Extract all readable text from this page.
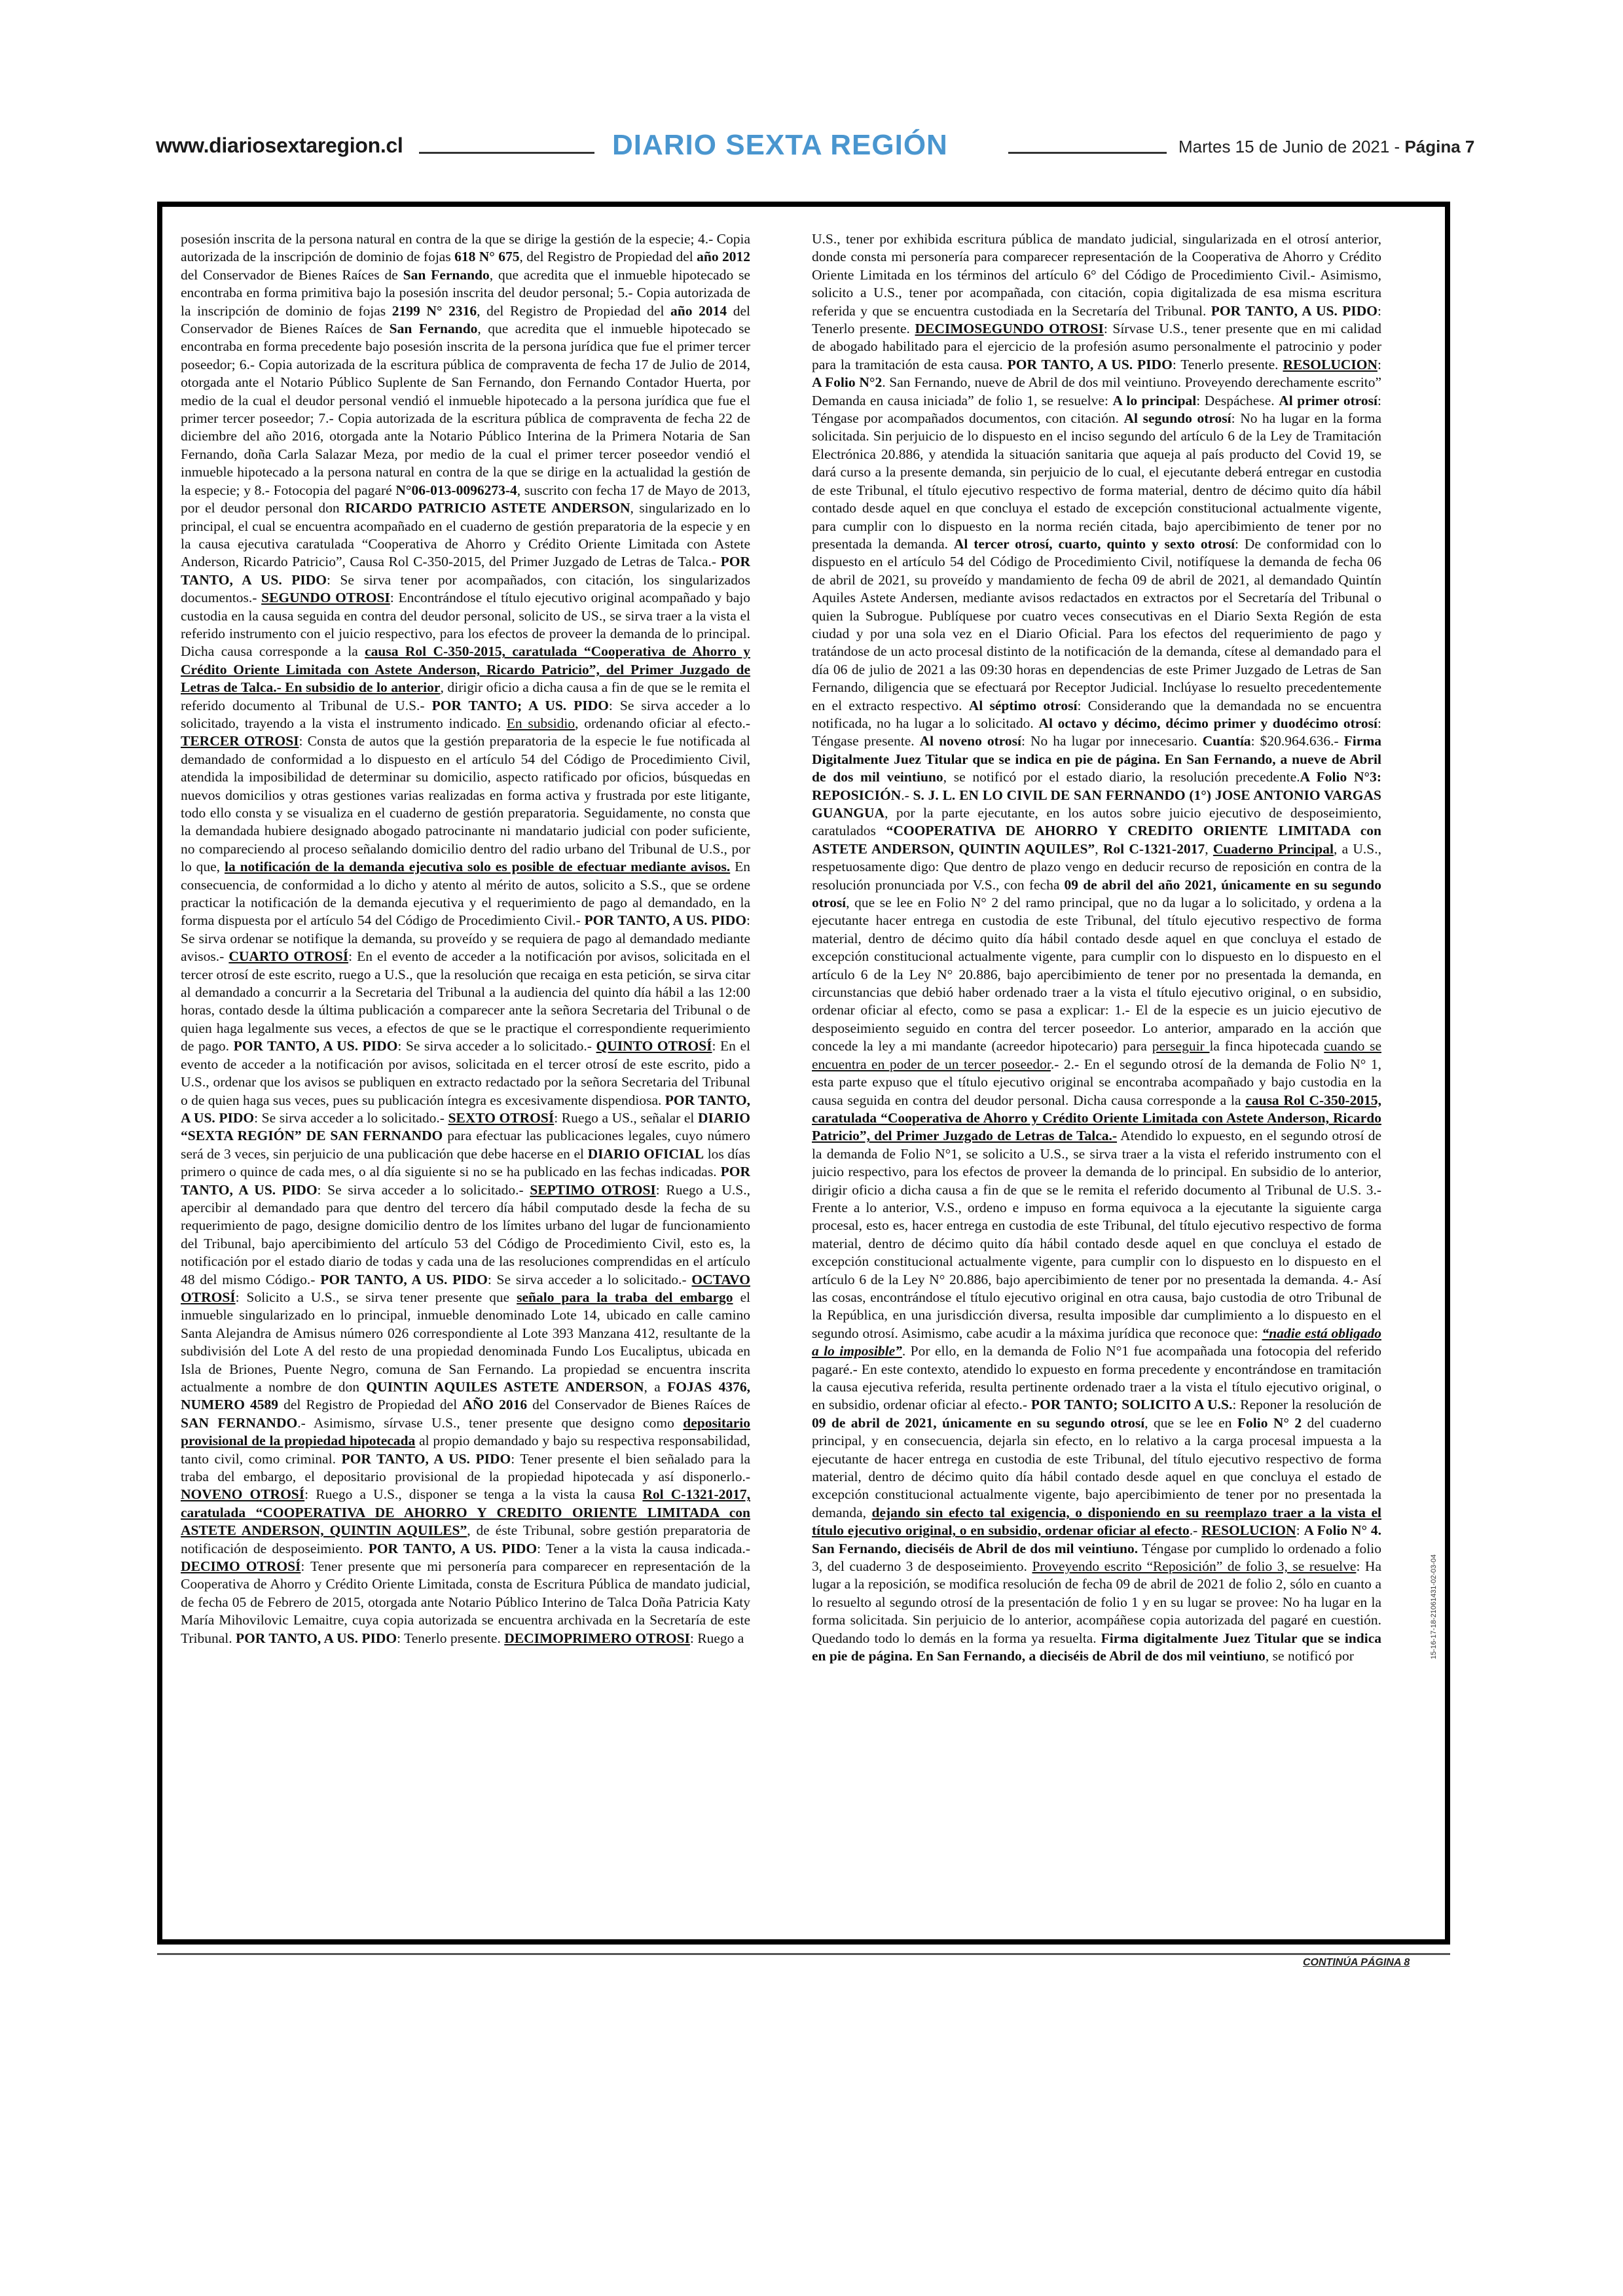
www.diariosextaregion.cl	DIARIO SEXTA REGIÓN	Martes 15 de Junio de 2021 - Página 7

posesión inscrita de la persona natural en contra de la que se dirige la gestión de la especie; 4.- Copia autorizada de la inscripción de dominio de fojas 618 N° 675, del Registro de Propiedad del año 2012 del Conservador de Bienes Raíces de San Fernando, que acredita que el inmueble hipotecado se encontraba en forma primitiva bajo la posesión inscrita del deudor personal; 5.- Copia autorizada de la inscripción de dominio de fojas 2199 N° 2316, del Registro de Propiedad del año 2014 del Conservador de Bienes Raíces de San Fernando, que acredita que el inmueble hipotecado se encontraba en forma precedente bajo posesión inscrita de la persona jurídica que fue el primer tercer poseedor; 6.- Copia autorizada de la escritura pública de compraventa de fecha 17 de Julio de 2014, otorgada ante el Notario Público Suplente de San Fernando, don Fernando Contador Huerta, por medio de la cual el deudor personal vendió el inmueble hipotecado a la persona jurídica que fue el primer tercer poseedor; 7.- Copia autorizada de la escritura pública de compraventa de fecha 22 de diciembre del año 2016, otorgada ante la Notario Público Interina de la Primera Notaria de San Fernando, doña Carla Salazar Meza, por medio de la cual el primer tercer poseedor vendió el inmueble hipotecado a la persona natural en contra de la que se dirige en la actualidad la gestión de la especie; y 8.- Fotocopia del pagaré N°06-013-0096273-4, suscrito con fecha 17 de Mayo de 2013, por el deudor personal don RICARDO PATRICIO ASTETE ANDERSON, singularizado en lo principal, el cual se encuentra acompañado en el cuaderno de gestión preparatoria de la especie y en la causa ejecutiva caratulada “Cooperativa de Ahorro y Crédito Oriente Limitada con Astete Anderson, Ricardo Patricio”, Causa Rol C-350-2015, del Primer Juzgado de Letras de Talca.- POR TANTO, A US. PIDO: Se sirva tener por acompañados, con citación, los singularizados documentos.- SEGUNDO OTROSI: Encontrándose el título ejecutivo original acompañado y bajo custodia en la causa seguida en contra del deudor personal, solicito de US., se sirva traer a la vista el referido instrumento con el juicio respectivo, para los efectos de proveer la demanda de lo principal. Dicha causa corresponde a la causa Rol C-350-2015, caratulada “Cooperativa de Ahorro y Crédito Oriente Limitada con Astete Anderson, Ricardo Patricio”, del Primer Juzgado de Letras de Talca.- En subsidio de lo anterior, dirigir oficio a dicha causa a fin de que se le remita el referido documento al Tribunal de U.S.- POR TANTO; A US. PIDO: Se sirva acceder a lo solicitado, trayendo a la vista el instrumento indicado. En subsidio, ordenando oficiar al efecto.- TERCER OTROSI: Consta de autos que la gestión preparatoria de la especie le fue notificada al demandado de conformidad a lo dispuesto en el artículo 54 del Código de Procedimiento Civil, atendida la imposibilidad de determinar su domicilio, aspecto ratificado por oficios, búsquedas en nuevos domicilios y otras gestiones varias realizadas en forma activa y frustrada por este litigante, todo ello consta y se visualiza en el cuaderno de gestión preparatoria. Seguidamente, no consta que la demandada hubiere designado abogado patrocinante ni mandatario judicial con poder suficiente, no compareciendo al proceso señalando domicilio dentro del radio urbano del Tribunal de U.S., por lo que, la notificación de la demanda ejecutiva solo es posible de efectuar mediante avisos. En consecuencia, de conformidad a lo dicho y atento al mérito de autos, solicito a S.S., que se ordene practicar la notificación de la demanda ejecutiva y el requerimiento de pago al demandado, en la forma dispuesta por el artículo 54 del Código de Procedimiento Civil.- POR TANTO, A US. PIDO: Se sirva ordenar se notifique la demanda, su proveído y se requiera de pago al demandado mediante avisos.- CUARTO OTROSÍ: En el evento de acceder a la notificación por avisos, solicitada en el tercer otrosí de este escrito, ruego a U.S., que la resolución que recaiga en esta petición, se sirva citar al demandado a concurrir a la Secretaria del Tribunal a la audiencia del quinto día hábil a las 12:00 horas, contado desde la última publicación a comparecer ante la señora Secretaria del Tribunal o de quien haga legalmente sus veces, a efectos de que se le practique el correspondiente requerimiento de pago. POR TANTO, A US. PIDO: Se sirva acceder a lo solicitado.- QUINTO OTROSÍ: En el evento de acceder a la notificación por avisos, solicitada en el tercer otrosí de este escrito, pido a U.S., ordenar que los avisos se publiquen en extracto redactado por la señora Secretaria del Tribunal o de quien haga sus veces, pues su publicación íntegra es excesivamente dispendiosa. POR TANTO, A US. PIDO: Se sirva acceder a lo solicitado.- SEXTO OTROSÍ: Ruego a US., señalar el DIARIO “SEXTA REGIÓN” DE SAN FERNANDO para efectuar las publicaciones legales, cuyo número será de 3 veces, sin perjuicio de una publicación que debe hacerse en el DIARIO OFICIAL los días primero o quince de cada mes, o al día siguiente si no se ha publicado en las fechas indicadas. POR TANTO, A US. PIDO: Se sirva acceder a lo solicitado.- SEPTIMO OTROSI: Ruego a U.S., apercibir al demandado para que dentro del tercero día hábil computado desde la fecha de su requerimiento de pago, designe domicilio dentro de los límites urbano del lugar de funcionamiento del Tribunal, bajo apercibimiento del artículo 53 del Código de Procedimiento Civil, esto es, la notificación por el estado diario de todas y cada una de las resoluciones comprendidas en el artículo 48 del mismo Código.- POR TANTO, A US. PIDO: Se sirva acceder a lo solicitado.- OCTAVO OTROSÍ: Solicito a U.S., se sirva tener presente que señalo para la traba del embargo el inmueble singularizado en lo principal, inmueble denominado Lote 14, ubicado en calle camino Santa Alejandra de Amisus número 026 correspondiente al Lote 393 Manzana 412, resultante de la subdivisión del Lote A del resto de una propiedad denominada Fundo Los Eucaliptus, ubicada en Isla de Briones, Puente Negro, comuna de San Fernando. La propiedad se encuentra inscrita actualmente a nombre de don QUINTIN AQUILES ASTETE ANDERSON, a FOJAS 4376, NUMERO 4589 del Registro de Propiedad del AÑO 2016 del Conservador de Bienes Raíces de SAN FERNANDO.- Asimismo, sírvase U.S., tener presente que designo como depositario provisional de la propiedad hipotecada al propio demandado y bajo su respectiva responsabilidad, tanto civil, como criminal. POR TANTO, A US. PIDO: Tener presente el bien señalado para la traba del embargo, el depositario provisional de la propiedad hipotecada y así disponerlo.- NOVENO OTROSÍ: Ruego a U.S., disponer se tenga a la vista la causa Rol C-1321-2017, caratulada “COOPERATIVA DE AHORRO Y CREDITO ORIENTE LIMITADA con ASTETE ANDERSON, QUINTIN AQUILES”, de éste Tribunal, sobre gestión preparatoria de notificación de desposeimiento. POR TANTO, A US. PIDO: Tener a la vista la causa indicada.- DECIMO OTROSÍ: Tener presente que mi personería para comparecer en representación de la Cooperativa de Ahorro y Crédito Oriente Limitada, consta de Escritura Pública de mandato judicial, de fecha 05 de Febrero de 2015, otorgada ante Notario Público Interino de Talca Doña Patricia Katy María Mihovilovic Lemaitre, cuya copia autorizada se encuentra archivada en la Secretaría de este Tribunal. POR TANTO, A US. PIDO: Tenerlo presente. DECIMOPRIMERO OTROSI: Ruego a

U.S., tener por exhibida escritura pública de mandato judicial, singularizada en el otrosí anterior, donde consta mi personería para comparecer representación de la Cooperativa de Ahorro y Crédito Oriente Limitada en los términos del artículo 6° del Código de Procedimiento Civil.- Asimismo, solicito a U.S., tener por acompañada, con citación, copia digitalizada de esa misma escritura referida y que se encuentra custodiada en la Secretaría del Tribunal. POR TANTO, A US. PIDO: Tenerlo presente. DECIMOSEGUNDO OTROSI: Sírvase U.S., tener presente que en mi calidad de abogado habilitado para el ejercicio de la profesión asumo personalmente el patrocinio y poder para la tramitación de esta causa. POR TANTO, A US. PIDO: Tenerlo presente. RESOLUCION: A Folio N°2. San Fernando, nueve de Abril de dos mil veintiuno. Proveyendo derechamente escrito” Demanda en causa iniciada” de folio 1, se resuelve: A lo principal: Despáchese. Al primer otrosí: Téngase por acompañados documentos, con citación. Al segundo otrosí: No ha lugar en la forma solicitada. Sin perjuicio de lo dispuesto en el inciso segundo del artículo 6 de la Ley de Tramitación Electrónica 20.886, y atendida la situación sanitaria que aqueja al país producto del Covid 19, se dará curso a la presente demanda, sin perjuicio de lo cual, el ejecutante deberá entregar en custodia de este Tribunal, el título ejecutivo respectivo de forma material, dentro de décimo quito día hábil contado desde aquel en que concluya el estado de excepción constitucional actualmente vigente, para cumplir con lo dispuesto en la norma recién citada, bajo apercibimiento de tener por no presentada la demanda. Al tercer otrosí, cuarto, quinto y sexto otrosí: De conformidad con lo dispuesto en el artículo 54 del Código de Procedimiento Civil, notifíquese la demanda de fecha 06 de abril de 2021, su proveído y mandamiento de fecha 09 de abril de 2021, al demandado Quintín Aquiles Astete Andersen, mediante avisos redactados en extractos por el Secretaría del Tribunal o quien la Subrogue. Publíquese por cuatro veces consecutivas en el Diario Sexta Región de esta ciudad y por una sola vez en el Diario Oficial. Para los efectos del requerimiento de pago y tratándose de un acto procesal distinto de la notificación de la demanda, cítese al demandado para el día 06 de julio de 2021 a las 09:30 horas en dependencias de este Primer Juzgado de Letras de San Fernando, diligencia que se efectuará por Receptor Judicial. Inclúyase lo resuelto precedentemente en el extracto respectivo. Al séptimo otrosí: Considerando que la demandada no se encuentra notificada, no ha lugar a lo solicitado. Al octavo y décimo, décimo primer y duodécimo otrosí: Téngase presente. Al noveno otrosí: No ha lugar por innecesario. Cuantía: $20.964.636.- Firma Digitalmente Juez Titular que se indica en pie de página. En San Fernando, a nueve de Abril de dos mil veintiuno, se notificó por el estado diario, la resolución precedente.A Folio N°3: REPOSICIÓN.- S. J. L. EN LO CIVIL DE SAN FERNANDO (1°) JOSE ANTONIO VARGAS GUANGUA, por la parte ejecutante, en los autos sobre juicio ejecutivo de desposeimiento, caratulados “COOPERATIVA DE AHORRO Y CREDITO ORIENTE LIMITADA con ASTETE ANDERSON, QUINTIN AQUILES”, Rol C-1321-2017, Cuaderno Principal, a U.S., respetuosamente digo: Que dentro de plazo vengo en deducir recurso de reposición en contra de la resolución pronunciada por V.S., con fecha 09 de abril del año 2021, únicamente en su segundo otrosí, que se lee en Folio N° 2 del ramo principal, que no da lugar a lo solicitado, y ordena a la ejecutante hacer entrega en custodia de este Tribunal, del título ejecutivo respectivo de forma material, dentro de décimo quito día hábil contado desde aquel en que concluya el estado de excepción constitucional actualmente vigente, para cumplir con lo dispuesto en lo dispuesto en el artículo 6 de la Ley N° 20.886, bajo apercibimiento de tener por no presentada la demanda, en circunstancias que debió haber ordenado traer a la vista el título ejecutivo original, o en subsidio, ordenar oficiar al efecto, como se pasa a explicar: 1.- El de la especie es un juicio ejecutivo de desposeimiento seguido en contra del tercer poseedor. Lo anterior, amparado en la acción que concede la ley a mi mandante (acreedor hipotecario) para perseguir la finca hipotecada cuando se encuentra en poder de un tercer poseedor.- 2.- En el segundo otrosí de la demanda de Folio N° 1, esta parte expuso que el título ejecutivo original se encontraba acompañado y bajo custodia en la causa seguida en contra del deudor personal. Dicha causa corresponde a la causa Rol C-350-2015, caratulada “Cooperativa de Ahorro y Crédito Oriente Limitada con Astete Anderson, Ricardo Patricio”, del Primer Juzgado de Letras de Talca.- Atendido lo expuesto, en el segundo otrosí de la demanda de Folio N°1, se solicito a U.S., se sirva traer a la vista el referido instrumento con el juicio respectivo, para los efectos de proveer la demanda de lo principal. En subsidio de lo anterior, dirigir oficio a dicha causa a fin de que se le remita el referido documento al Tribunal de U.S. 3.- Frente a lo anterior, V.S., ordeno e impuso en forma equivoca a la ejecutante la siguiente carga procesal, esto es, hacer entrega en custodia de este Tribunal, del título ejecutivo respectivo de forma material, dentro de décimo quito día hábil contado desde aquel en que concluya el estado de excepción constitucional actualmente vigente, para cumplir con lo dispuesto en lo dispuesto en el artículo 6 de la Ley N° 20.886, bajo apercibimiento de tener por no presentada la demanda. 4.- Así las cosas, encontrándose el título ejecutivo original en otra causa, bajo custodia de otro Tribunal de la República, en una jurisdicción diversa, resulta imposible dar cumplimiento a lo dispuesto en el segundo otrosí. Asimismo, cabe acudir a la máxima jurídica que reconoce que: “nadie está obligado a lo imposible”. Por ello, en la demanda de Folio N°1 fue acompañada una fotocopia del referido pagaré.- En este contexto, atendido lo expuesto en forma precedente y encontrándose en tramitación la causa ejecutiva referida, resulta pertinente ordenado traer a la vista el título ejecutivo original, o en subsidio, ordenar oficiar al efecto.- POR TANTO; SOLICITO A U.S.: Reponer la resolución de 09 de abril de 2021, únicamente en su segundo otrosí, que se lee en Folio N° 2 del cuaderno principal, y en consecuencia, dejarla sin efecto, en lo relativo a la carga procesal impuesta a la ejecutante de hacer entrega en custodia de este Tribunal, del título ejecutivo respectivo de forma material, dentro de décimo quito día hábil contado desde aquel en que concluya el estado de excepción constitucional actualmente vigente, bajo apercibimiento de tener por no presentada la demanda, dejando sin efecto tal exigencia, o disponiendo en su reemplazo traer a la vista el título ejecutivo original, o en subsidio, ordenar oficiar al efecto.- RESOLUCION: A Folio N° 4. San Fernando, dieciséis de Abril de dos mil veintiuno. Téngase por cumplido lo ordenado a folio 3, del cuaderno 3 de desposeimiento. Proveyendo escrito “Reposición” de folio 3, se resuelve: Ha lugar a la reposición, se modifica resolución de fecha 09 de abril de 2021 de folio 2, sólo en cuanto a lo resuelto al segundo otrosí de la presentación de folio 1 y en su lugar se provee: No ha lugar en la forma solicitada. Sin perjuicio de lo anterior, acompáñese copia autorizada del pagaré en cuestión. Quedando todo lo demás en la forma ya resuelta. Firma digitalmente Juez Titular que se indica en pie de página. En San Fernando, a dieciséis de Abril de dos mil veintiuno, se notificó por	15-16-17-18-21061431-02-03-04
CONTINÚA PÁGINA 8
